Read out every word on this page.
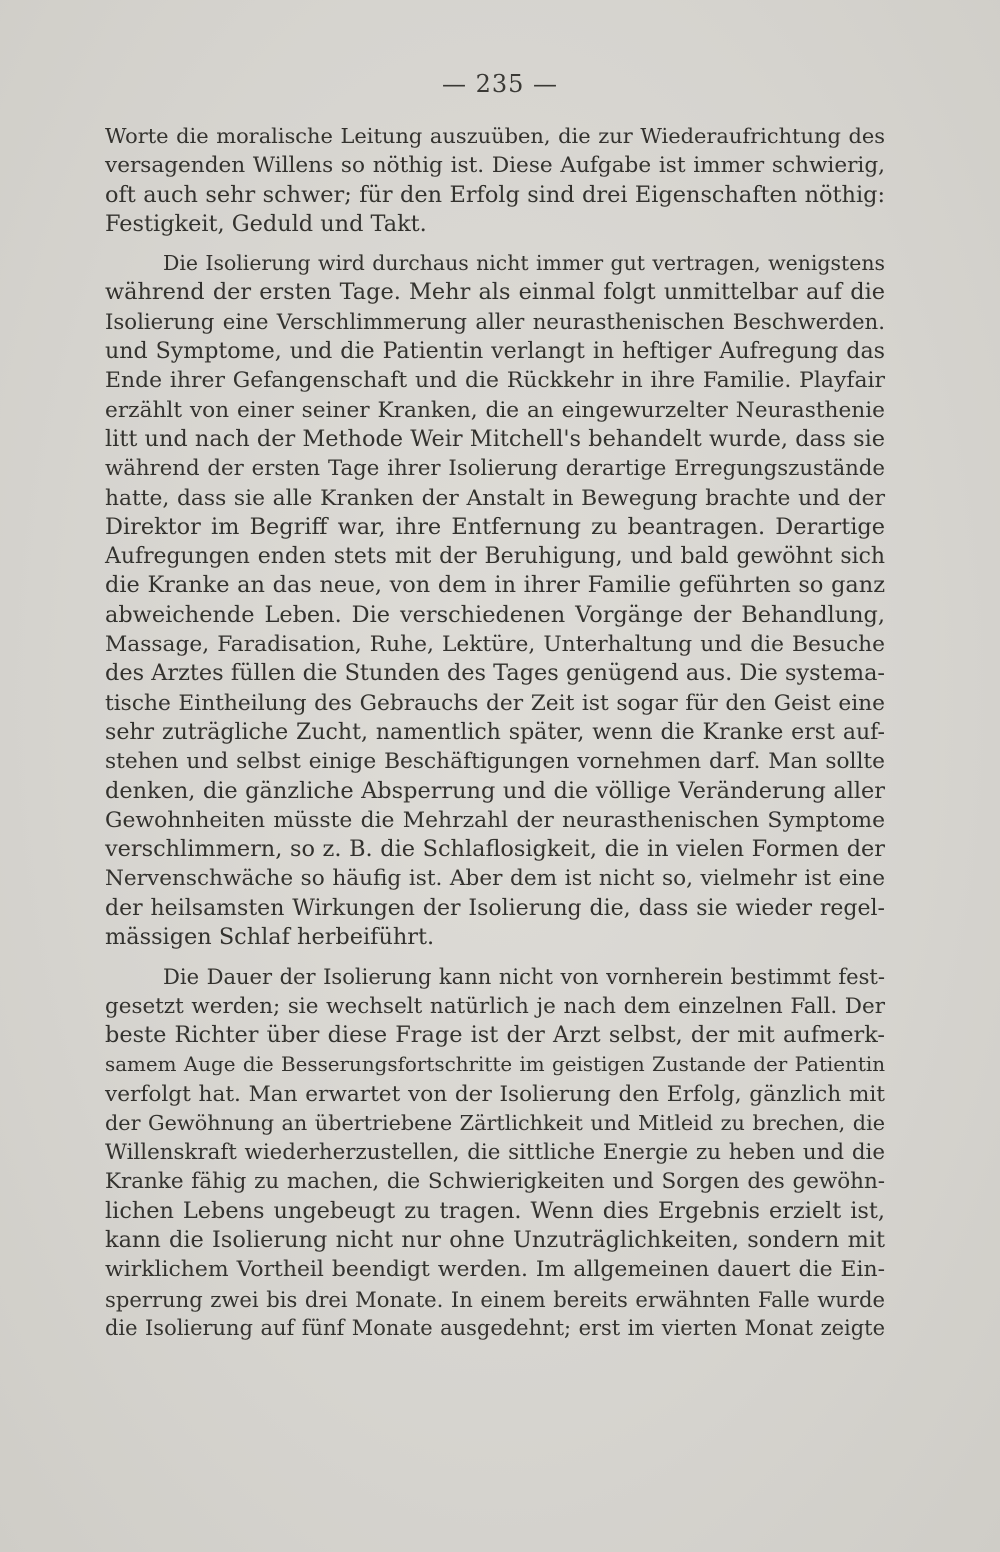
— 235 —

Worte die moralische Leitung auszuüben, die zur Wiederaufrichtung des
versagenden Willens so nöthig ist. Diese Aufgabe ist immer schwierig,
oft auch sehr schwer; für den Erfolg sind drei Eigenschaften nöthig:
Festigkeit, Geduld und Takt.

Die Isolierung wird durchaus nicht immer gut vertragen, wenigstens
während der ersten Tage. Mehr als einmal folgt unmittelbar auf die
Isolierung eine Verschlimmerung aller neurasthenischen Beschwerden.
und Symptome, und die Patientin verlangt in heftiger Aufregung das
Ende ihrer Gefangenschaft und die Rückkehr in ihre Familie. Playfair
erzählt von einer seiner Kranken, die an eingewurzelter Neurasthenie
litt und nach der Methode Weir Mitchell's behandelt wurde, dass sie
während der ersten Tage ihrer Isolierung derartige Erregungszustände
hatte, dass sie alle Kranken der Anstalt in Bewegung brachte und der
Direktor im Begriff war, ihre Entfernung zu beantragen. Derartige
Aufregungen enden stets mit der Beruhigung, und bald gewöhnt sich
die Kranke an das neue, von dem in ihrer Familie geführten so ganz
abweichende Leben. Die verschiedenen Vorgänge der Behandlung,
Massage, Faradisation, Ruhe, Lektüre, Unterhaltung und die Besuche
des Arztes füllen die Stunden des Tages genügend aus. Die systema-
tische Eintheilung des Gebrauchs der Zeit ist sogar für den Geist eine
sehr zuträgliche Zucht, namentlich später, wenn die Kranke erst auf-
stehen und selbst einige Beschäftigungen vornehmen darf. Man sollte
denken, die gänzliche Absperrung und die völlige Veränderung aller
Gewohnheiten müsste die Mehrzahl der neurasthenischen Symptome
verschlimmern, so z. B. die Schlaflosigkeit, die in vielen Formen der
Nervenschwäche so häufig ist. Aber dem ist nicht so, vielmehr ist eine
der heilsamsten Wirkungen der Isolierung die, dass sie wieder regel-
mässigen Schlaf herbeiführt.

Die Dauer der Isolierung kann nicht von vornherein bestimmt fest-
gesetzt werden; sie wechselt natürlich je nach dem einzelnen Fall. Der
beste Richter über diese Frage ist der Arzt selbst, der mit aufmerk-
samem Auge die Besserungsfortschritte im geistigen Zustande der Patientin
verfolgt hat. Man erwartet von der Isolierung den Erfolg, gänzlich mit
der Gewöhnung an übertriebene Zärtlichkeit und Mitleid zu brechen, die
Willenskraft wiederherzustellen, die sittliche Energie zu heben und die
Kranke fähig zu machen, die Schwierigkeiten und Sorgen des gewöhn-
lichen Lebens ungebeugt zu tragen. Wenn dies Ergebnis erzielt ist,
kann die Isolierung nicht nur ohne Unzuträglichkeiten, sondern mit
wirklichem Vortheil beendigt werden. Im allgemeinen dauert die Ein-
sperrung zwei bis drei Monate. In einem bereits erwähnten Falle wurde
die Isolierung auf fünf Monate ausgedehnt; erst im vierten Monat zeigte
